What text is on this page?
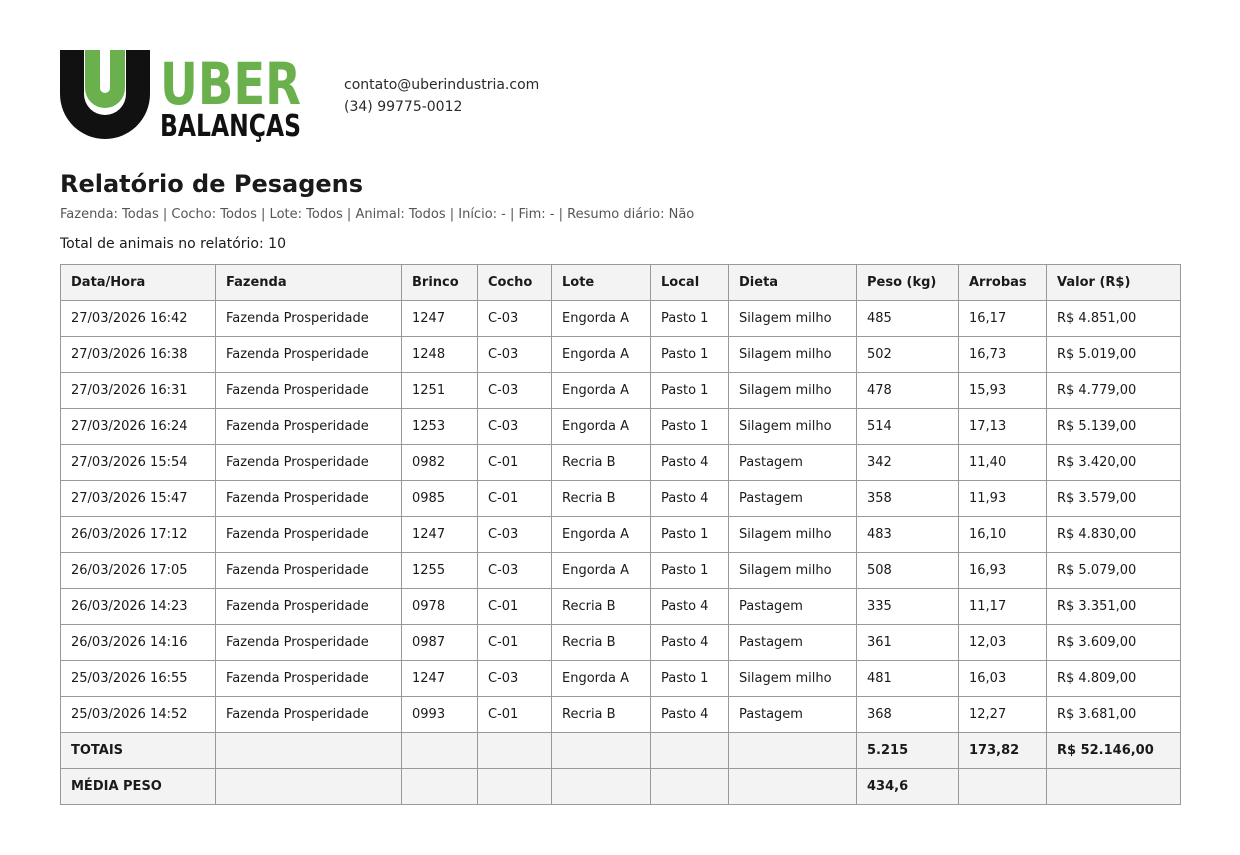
UBER
BALANÇAS
contato@uberindustria.com
(34) 99775-0012
Relatório de Pesagens
Fazenda: Todas | Cocho: Todos | Lote: Todos | Animal: Todos | Início: - | Fim: - | Resumo diário: Não
Total de animais no relatório: 10
Data/Hora	Fazenda	Brinco	Cocho	Lote	Local	Dieta	Peso (kg)	Arrobas	Valor (R$)
27/03/2026 16:42	Fazenda Prosperidade	1247	C-03	Engorda A	Pasto 1	Silagem milho	485	16,17	R$ 4.851,00
27/03/2026 16:38	Fazenda Prosperidade	1248	C-03	Engorda A	Pasto 1	Silagem milho	502	16,73	R$ 5.019,00
27/03/2026 16:31	Fazenda Prosperidade	1251	C-03	Engorda A	Pasto 1	Silagem milho	478	15,93	R$ 4.779,00
27/03/2026 16:24	Fazenda Prosperidade	1253	C-03	Engorda A	Pasto 1	Silagem milho	514	17,13	R$ 5.139,00
27/03/2026 15:54	Fazenda Prosperidade	0982	C-01	Recria B	Pasto 4	Pastagem	342	11,40	R$ 3.420,00
27/03/2026 15:47	Fazenda Prosperidade	0985	C-01	Recria B	Pasto 4	Pastagem	358	11,93	R$ 3.579,00
26/03/2026 17:12	Fazenda Prosperidade	1247	C-03	Engorda A	Pasto 1	Silagem milho	483	16,10	R$ 4.830,00
26/03/2026 17:05	Fazenda Prosperidade	1255	C-03	Engorda A	Pasto 1	Silagem milho	508	16,93	R$ 5.079,00
26/03/2026 14:23	Fazenda Prosperidade	0978	C-01	Recria B	Pasto 4	Pastagem	335	11,17	R$ 3.351,00
26/03/2026 14:16	Fazenda Prosperidade	0987	C-01	Recria B	Pasto 4	Pastagem	361	12,03	R$ 3.609,00
25/03/2026 16:55	Fazenda Prosperidade	1247	C-03	Engorda A	Pasto 1	Silagem milho	481	16,03	R$ 4.809,00
25/03/2026 14:52	Fazenda Prosperidade	0993	C-01	Recria B	Pasto 4	Pastagem	368	12,27	R$ 3.681,00
TOTAIS							5.215	173,82	R$ 52.146,00
MÉDIA PESO							434,6		
